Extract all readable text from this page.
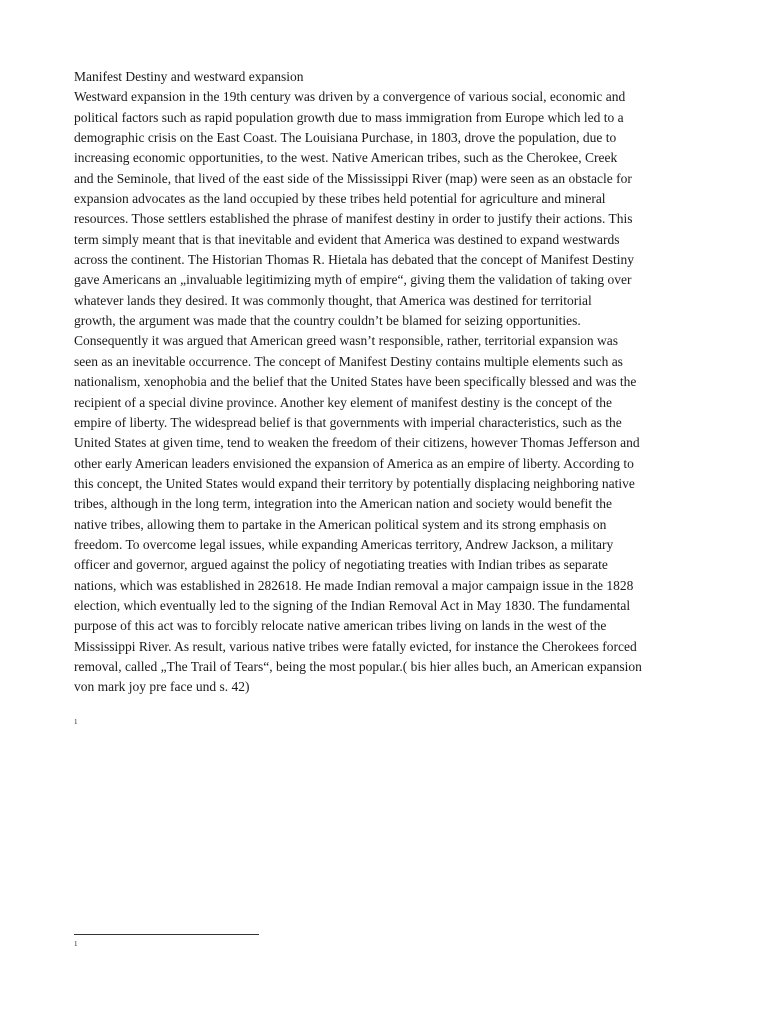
Manifest Destiny and westward expansion
Westward expansion in the 19th century was driven by a convergence of various social, economic and
political factors such as rapid population growth due to mass immigration from Europe which led to a
demographic crisis on the East Coast. The Louisiana Purchase, in 1803, drove the population, due to
increasing economic opportunities, to the west. Native American tribes, such as the Cherokee, Creek
and the Seminole, that lived of the east side of the Mississippi River (map) were seen as an obstacle for
expansion advocates as the land occupied by these tribes held potential for agriculture and mineral
resources. Those settlers established the phrase of manifest destiny in order to justify their actions. This
term simply meant that is that inevitable and evident that America was destined to expand westwards
across the continent. The Historian Thomas R. Hietala has debated that the concept of Manifest Destiny
gave Americans an „invaluable legitimizing myth of empire“, giving them the validation of taking over
whatever lands they desired. It was commonly thought, that America was destined for territorial
growth, the argument was made that the country couldn’t be blamed for seizing opportunities.
Consequently it was argued that American greed wasn’t responsible, rather, territorial expansion was
seen as an inevitable occurrence. The concept of Manifest Destiny contains multiple elements such as
nationalism, xenophobia and the belief that the United States have been specifically blessed and was the
recipient of a special divine province. Another key element of manifest destiny is the concept of the
empire of liberty. The widespread belief is that governments with imperial characteristics, such as the
United States at given time, tend to weaken the freedom of their citizens, however Thomas Jefferson and
other early American leaders envisioned the expansion of America as an empire of liberty. According to
this concept, the United States would expand their territory by potentially displacing neighboring native
tribes, although in the long term, integration into the American nation and society would benefit the
native tribes, allowing them to partake in the American political system and its strong emphasis on
freedom. To overcome legal issues, while expanding Americas territory, Andrew Jackson, a military
officer and governor, argued against the policy of negotiating treaties with Indian tribes as separate
nations, which was established in 282618. He made Indian removal a major campaign issue in the 1828
election, which eventually led to the signing of the Indian Removal Act in May 1830. The fundamental
purpose of this act was to forcibly relocate native american tribes living on lands in the west of the
Mississippi River. As result, various native tribes were fatally evicted, for instance the Cherokees forced
removal, called „The Trail of Tears“, being the most popular.( bis hier alles buch, an American expansion
von mark joy pre face und s. 42)
1
1
